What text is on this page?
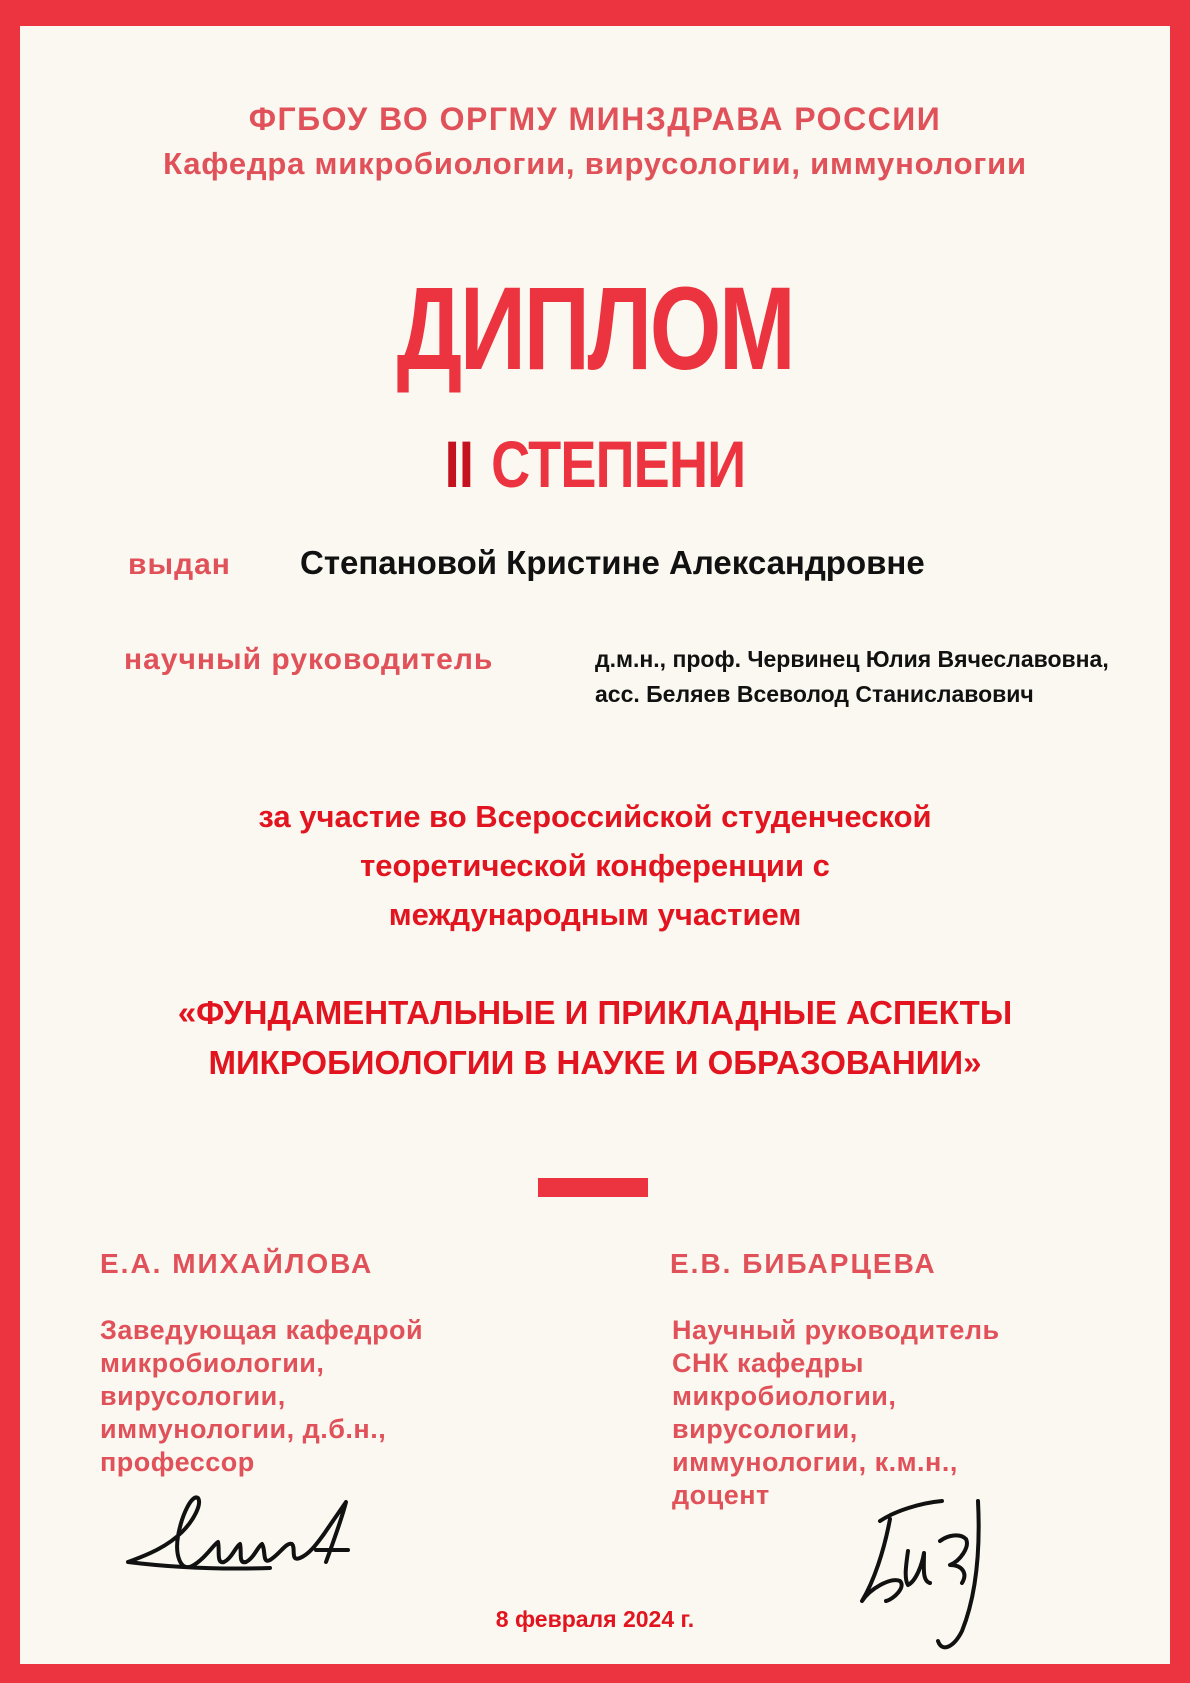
ФГБОУ ВО ОРГМУ МИНЗДРАВА РОССИИ
Кафедра микробиологии, вирусологии, иммунологии
ДИПЛОМ
II СТЕПЕНИ
выдан Степановой Кристине Александровне
научный руководитель	д.м.н., проф. Червинец Юлия Вячеславовна,
асс. Беляев Всеволод Станиславович
за участие во Всероссийской студенческой
теоретической конференции с
международным участием
«ФУНДАМЕНТАЛЬНЫЕ И ПРИКЛАДНЫЕ АСПЕКТЫ
МИКРОБИОЛОГИИ В НАУКЕ И ОБРАЗОВАНИИ»
Е.А. МИХАЙЛОВА
Заведующая кафедрой
микробиологии,
вирусологии,
иммунологии, д.б.н.,
профессор
Е.В. БИБАРЦЕВА
Научный руководитель
СНК кафедры
микробиологии,
вирусологии,
иммунологии, к.м.н.,
доцент
8 февраля 2024 г.
